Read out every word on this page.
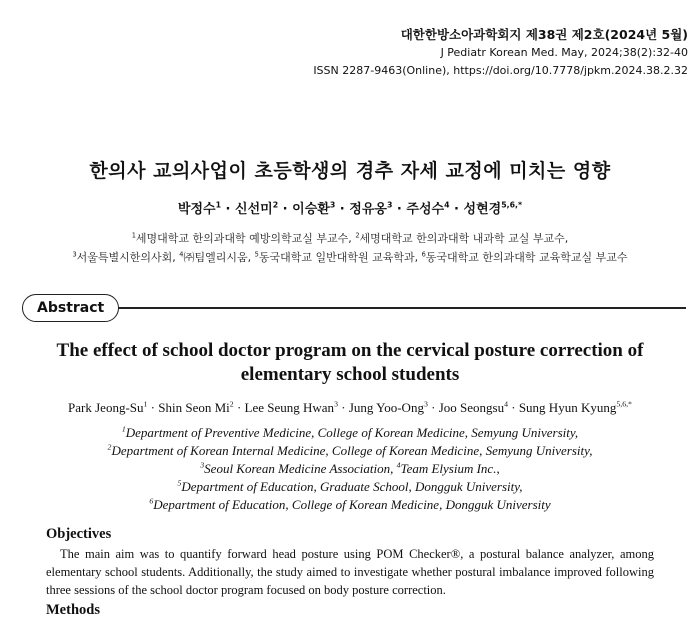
대한한방소아과학회지 제38권 제2호(2024년 5월)
J Pediatr Korean Med. May, 2024;38(2):32-40
ISSN 2287-9463(Online), https://doi.org/10.7778/jpkm.2024.38.2.32
한의사 교의사업이 초등학생의 경추 자세 교정에 미치는 영향
박정수$^1$ · 신선미$^2$ · 이승환$^3$ · 정유옹$^3$ · 주성수$^4$ · 성현경$^{5,6,*}$
$^1$세명대학교 한의과대학 예방의학교실 부교수, $^2$세명대학교 한의과대학 내과학 교실 부교수,
$^3$서울특별시한의사회, $^4$㈜팀엘리시움, $^5$동국대학교 일반대학원 교육학과, $^6$동국대학교 한의과대학 교육학교실 부교수
Abstract
The effect of school doctor program on the cervical posture correction of elementary school students
Park Jeong-$Su^1$ · Shin Seon $Mi^2$ · Lee Seung Hwan$^3$ · Jung Yoo-Ong$^3$ · Joo Seongsu$^4$ · Sung Hyun Kyung$^{5,6,*}$
$^1$Department of Preventive Medicine, College of Korean Medicine, Semyung University,
$^2$Department of Korean Internal Medicine, College of Korean Medicine, Semyung University,
$^3$Seoul Korean Medicine Association, $^4$Team Elysium Inc.,
$^5$Department of Education, Graduate School, Dongguk University,
$^6$Department of Education, College of Korean Medicine, Dongguk University
Objectives
The main aim was to quantify forward head posture using POM Checker®, a postural balance analyzer, among elementary school students. Additionally, the study aimed to investigate whether postural imbalance improved following three sessions of the school doctor program focused on body posture correction.
Methods
